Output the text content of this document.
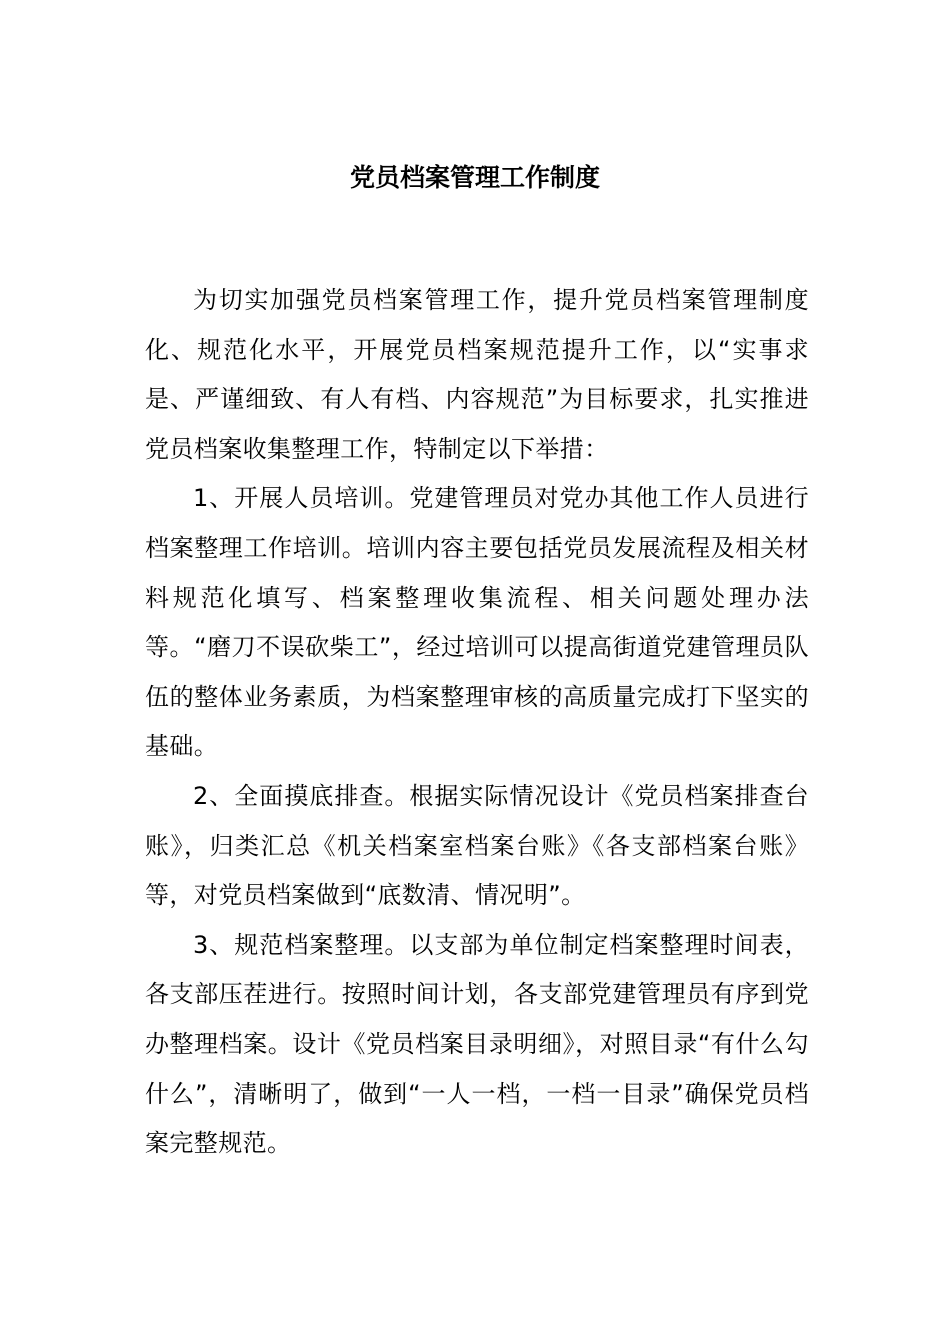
党员档案管理工作制度

为切实加强党员档案管理工作，提升党员档案管理制度化、规范化水平，开展党员档案规范提升工作，以“实事求是、严谨细致、有人有档、内容规范”为目标要求，扎实推进党员档案收集整理工作，特制定以下举措：

1、开展人员培训。党建管理员对党办其他工作人员进行档案整理工作培训。培训内容主要包括党员发展流程及相关材料规范化填写、档案整理收集流程、相关问题处理办法等。“磨刀不误砍柴工”，经过培训可以提高街道党建管理员队伍的整体业务素质，为档案整理审核的高质量完成打下坚实的基础。

2、全面摸底排查。根据实际情况设计《党员档案排查台账》，归类汇总《机关档案室档案台账》《各支部档案台账》等，对党员档案做到“底数清、情况明”。

3、规范档案整理。以支部为单位制定档案整理时间表，各支部压茬进行。按照时间计划，各支部党建管理员有序到党办整理档案。设计《党员档案目录明细》，对照目录“有什么勾什么”，清晰明了，做到“一人一档，一档一目录”确保党员档案完整规范。
